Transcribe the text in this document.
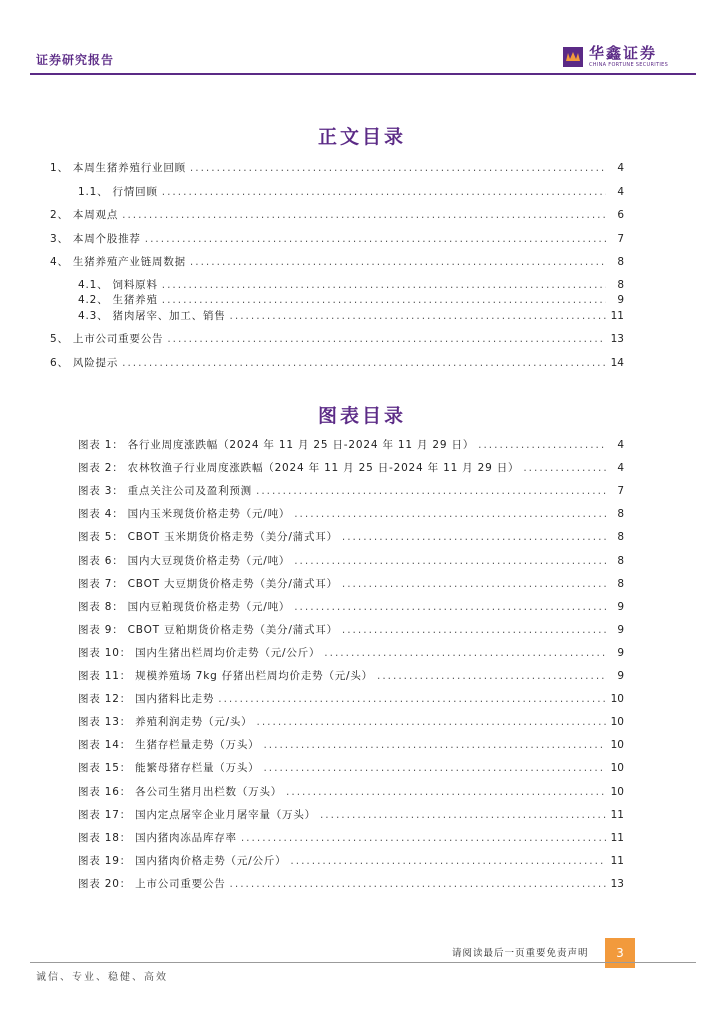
证券研究报告	华鑫证券
CHINA FORTUNE SECURITIES
正文目录
1、 本周生猪养殖行业回顾 .....	4
1.1、 行情回顾 .....	4
2、 本周观点 .....	6
3、 本周个股推荐 .....	7
4、 生猪养殖产业链周数据 .....	8
4.1、 饲料原料 .....	8
4.2、 生猪养殖 .....	9
4.3、 猪肉屠宰、加工、销售 .....	11
5、 上市公司重要公告 .....	13
6、 风险提示 .....	14
图表目录
图表 1： 各行业周度涨跌幅（2024 年 11 月 25 日-2024 年 11 月 29 日） .....	4
图表 2： 农林牧渔子行业周度涨跌幅（2024 年 11 月 25 日-2024 年 11 月 29 日） .....	4
图表 3： 重点关注公司及盈利预测 .....	7
图表 4： 国内玉米现货价格走势（元/吨） .....	8
图表 5： CBOT 玉米期货价格走势（美分/蒲式耳） .....	8
图表 6： 国内大豆现货价格走势（元/吨） .....	8
图表 7： CBOT 大豆期货价格走势（美分/蒲式耳） .....	8
图表 8： 国内豆粕现货价格走势（元/吨） .....	9
图表 9： CBOT 豆粕期货价格走势（美分/蒲式耳） .....	9
图表 10： 国内生猪出栏周均价走势（元/公斤） .....	9
图表 11： 规模养殖场 7kg 仔猪出栏周均价走势（元/头） .....	9
图表 12： 国内猪料比走势 .....	10
图表 13： 养殖利润走势（元/头） .....	10
图表 14： 生猪存栏量走势（万头） .....	10
图表 15： 能繁母猪存栏量（万头） .....	10
图表 16： 各公司生猪月出栏数（万头） .....	10
图表 17： 国内定点屠宰企业月屠宰量（万头） .....	11
图表 18： 国内猪肉冻品库存率 .....	11
图表 19： 国内猪肉价格走势（元/公斤） .....	11
图表 20： 上市公司重要公告 .....	13
请阅读最后一页重要免责声明	3
诚信、专业、稳健、高效
